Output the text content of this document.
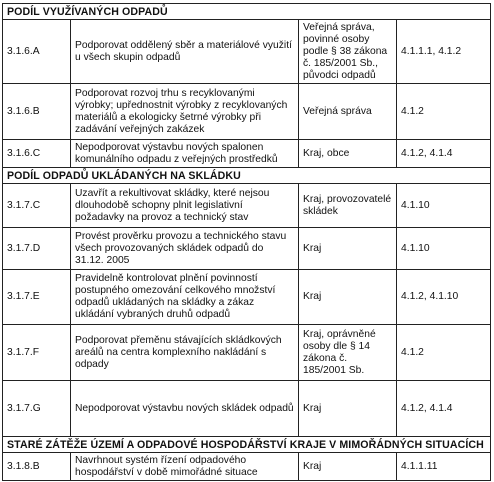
PODÍL VYUŽÍVANÝCH ODPADŮ			
3.1.6.A	Podporovat oddělený sběr a materiálové využití u všech skupin odpadů	Veřejná správa, povinné osoby podle § 38 zákona č. 185/2001 Sb., původci odpadů	4.1.1.1, 4.1.2
3.1.6.B	Podporovat rozvoj trhu s recyklovanými výrobky; upřednostnit výrobky z recyklovaných materiálů a ekologicky šetrné výrobky při zadávání veřejných zakázek	Veřejná správa	4.1.2
3.1.6.C	Nepodporovat výstavbu nových spalonen komunálního odpadu z veřejných prostředků	Kraj, obce	4.1.2, 4.1.4
PODÍL ODPADŮ UKLÁDANÝCH NA SKLÁDKU			
3.1.7.C	Uzavřít a rekultivovat skládky, které nejsou dlouhodobě schopny plnit legislativní požadavky na provoz a technický stav	Kraj, provozovatelé skládek	4.1.10
3.1.7.D	Provést prověrku provozu a technického stavu všech provozovaných skládek odpadů do 31.12. 2005	Kraj	4.1.10
3.1.7.E	Pravidelně kontrolovat plnění povinností postupného omezování celkového množství odpadů ukládaných na skládky a zákaz ukládání vybraných druhů odpadů	Kraj	4.1.2, 4.1.10
3.1.7.F	Podporovat přeměnu stávajících skládkových areálů na centra komplexního nakládání s odpady	Kraj, oprávněné osoby dle § 14 zákona č. 185/2001 Sb.	4.1.2
3.1.7.G	Nepodporovat výstavbu nových skládek odpadů	Kraj	4.1.2, 4.1.4
STARÉ ZÁTĚŽE ÚZEMÍ A ODPADOVÉ HOSPODÁŘSTVÍ KRAJE V MIMOŘÁDNÝCH SITUACÍCH			
3.1.8.B	Navrhnout systém řízení odpadového hospodářství v době mimořádné situace	Kraj	4.1.1.11
